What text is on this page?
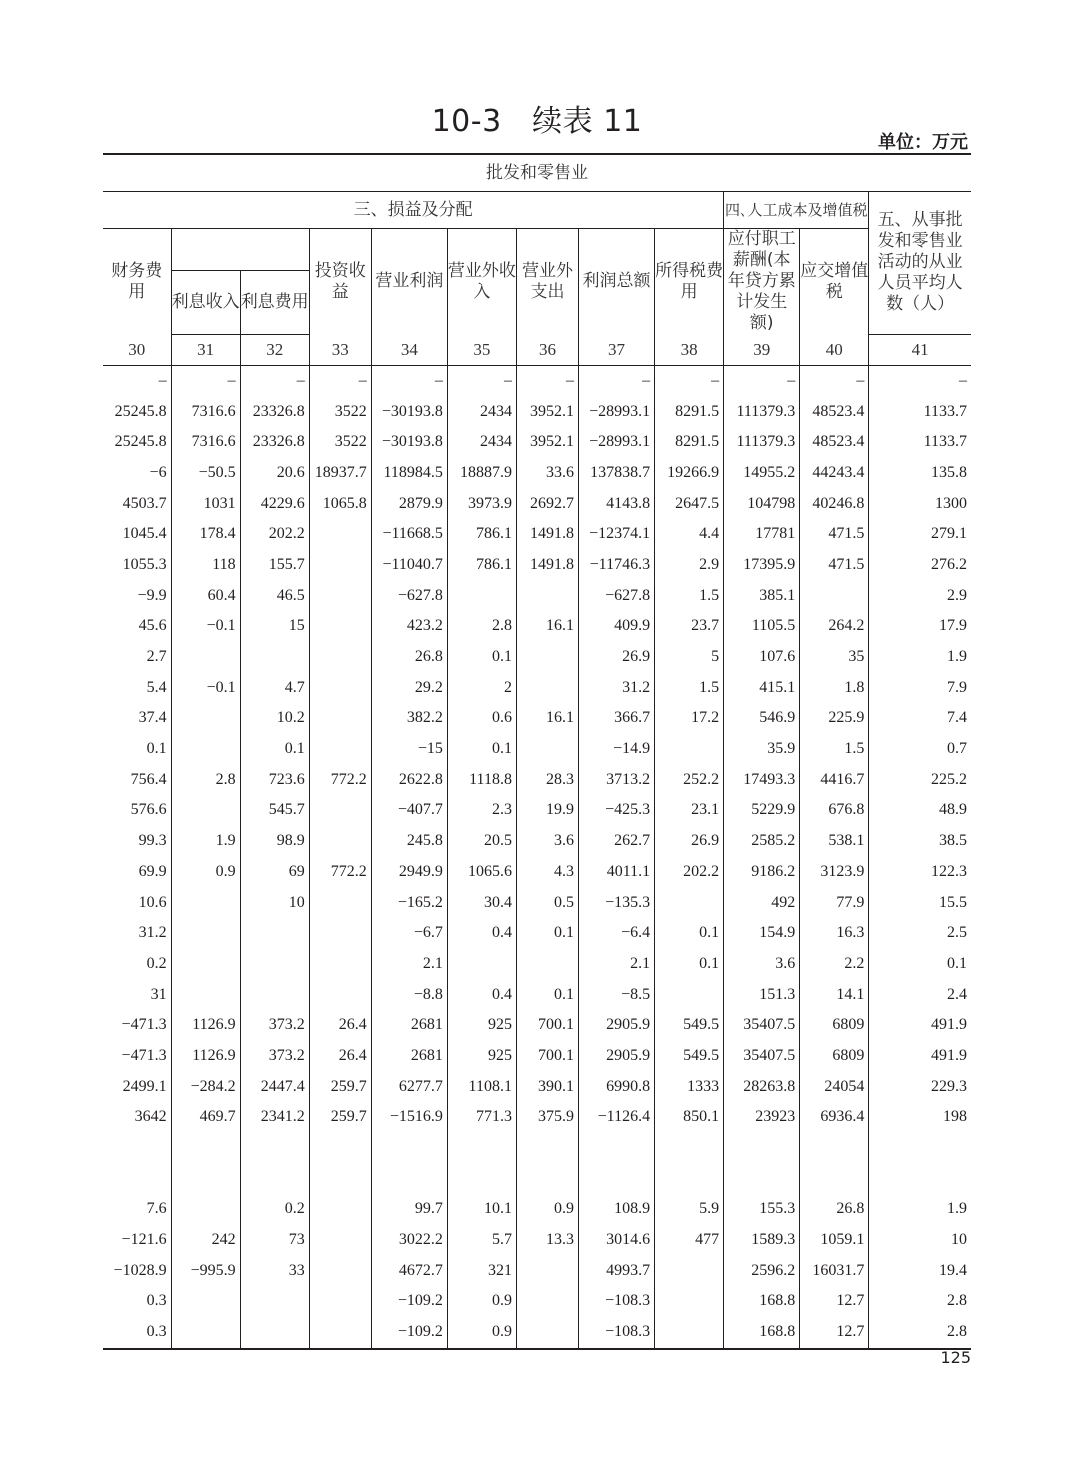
10-3　续表 11
单位：万元
批发和零售业											
三、损益及分配									四､人工成本及增值税		五、从事批发和零售业活动的从业人员平均人数（人）
财务费用			投资收益	营业利润	营业外收入	营业外支出	利润总额	所得税费用	应付职工薪酬(本年贷方累计发生额)	应交增值税	
	利息收入	利息费用									
30	31	32	33	34	35	36	37	38	39	40	41
–	–	–	–	–	–	–	–	–	–	–	–
25245.8	7316.6	23326.8	3522	−30193.8	2434	3952.1	−28993.1	8291.5	111379.3	48523.4	1133.7
25245.8	7316.6	23326.8	3522	−30193.8	2434	3952.1	−28993.1	8291.5	111379.3	48523.4	1133.7
−6	−50.5	20.6	18937.7	118984.5	18887.9	33.6	137838.7	19266.9	14955.2	44243.4	135.8
4503.7	1031	4229.6	1065.8	2879.9	3973.9	2692.7	4143.8	2647.5	104798	40246.8	1300
1045.4	178.4	202.2		−11668.5	786.1	1491.8	−12374.1	4.4	17781	471.5	279.1
1055.3	118	155.7		−11040.7	786.1	1491.8	−11746.3	2.9	17395.9	471.5	276.2
−9.9	60.4	46.5		−627.8			−627.8	1.5	385.1		2.9
45.6	−0.1	15		423.2	2.8	16.1	409.9	23.7	1105.5	264.2	17.9
2.7				26.8	0.1		26.9	5	107.6	35	1.9
5.4	−0.1	4.7		29.2	2		31.2	1.5	415.1	1.8	7.9
37.4		10.2		382.2	0.6	16.1	366.7	17.2	546.9	225.9	7.4
0.1		0.1		−15	0.1		−14.9		35.9	1.5	0.7
756.4	2.8	723.6	772.2	2622.8	1118.8	28.3	3713.2	252.2	17493.3	4416.7	225.2
576.6		545.7		−407.7	2.3	19.9	−425.3	23.1	5229.9	676.8	48.9
99.3	1.9	98.9		245.8	20.5	3.6	262.7	26.9	2585.2	538.1	38.5
69.9	0.9	69	772.2	2949.9	1065.6	4.3	4011.1	202.2	9186.2	3123.9	122.3
10.6		10		−165.2	30.4	0.5	−135.3		492	77.9	15.5
31.2				−6.7	0.4	0.1	−6.4	0.1	154.9	16.3	2.5
0.2				2.1			2.1	0.1	3.6	2.2	0.1
31				−8.8	0.4	0.1	−8.5		151.3	14.1	2.4
−471.3	1126.9	373.2	26.4	2681	925	700.1	2905.9	549.5	35407.5	6809	491.9
−471.3	1126.9	373.2	26.4	2681	925	700.1	2905.9	549.5	35407.5	6809	491.9
2499.1	−284.2	2447.4	259.7	6277.7	1108.1	390.1	6990.8	1333	28263.8	24054	229.3
3642	469.7	2341.2	259.7	−1516.9	771.3	375.9	−1126.4	850.1	23923	6936.4	198

7.6		0.2		99.7	10.1	0.9	108.9	5.9	155.3	26.8	1.9
−121.6	242	73		3022.2	5.7	13.3	3014.6	477	1589.3	1059.1	10
−1028.9	−995.9	33		4672.7	321		4993.7		2596.2	16031.7	19.4
0.3				−109.2	0.9		−108.3		168.8	12.7	2.8
0.3				−109.2	0.9		−108.3		168.8	12.7	2.8
125
